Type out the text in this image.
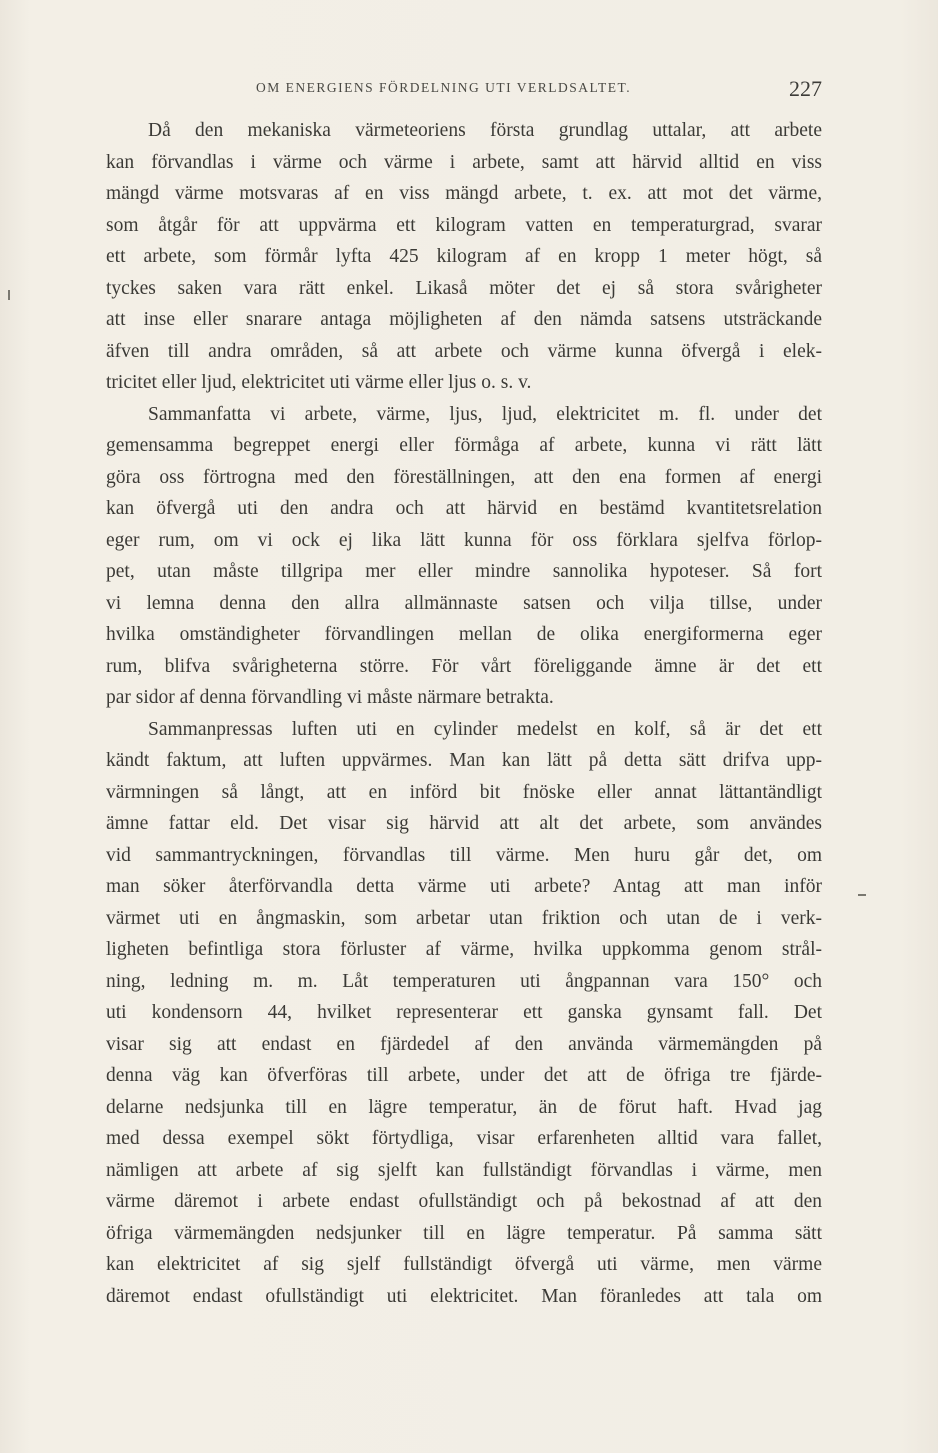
OM ENERGIENS FÖRDELNING UTI VERLDSALTET.	227
Då den mekaniska värmeteoriens första grundlag uttalar, att arbete
kan förvandlas i värme och värme i arbete, samt att härvid alltid en viss
mängd värme motsvaras af en viss mängd arbete, t. ex. att mot det värme,
som åtgår för att uppvärma ett kilogram vatten en temperaturgrad, svarar
ett arbete, som förmår lyfta 425 kilogram af en kropp 1 meter högt, så
tyckes saken vara rätt enkel. Likaså möter det ej så stora svårigheter
att inse eller snarare antaga möjligheten af den nämda satsens utsträckande
äfven till andra områden, så att arbete och värme kunna öfvergå i elek-
tricitet eller ljud, elektricitet uti värme eller ljus o. s. v.
Sammanfatta vi arbete, värme, ljus, ljud, elektricitet m. fl. under det
gemensamma begreppet energi eller förmåga af arbete, kunna vi rätt lätt
göra oss förtrogna med den föreställningen, att den ena formen af energi
kan öfvergå uti den andra och att härvid en bestämd kvantitetsrelation
eger rum, om vi ock ej lika lätt kunna för oss förklara sjelfva förlop-
pet, utan måste tillgripa mer eller mindre sannolika hypoteser. Så fort
vi lemna denna den allra allmännaste satsen och vilja tillse, under
hvilka omständigheter förvandlingen mellan de olika energiformerna eger
rum, blifva svårigheterna större. För vårt föreliggande ämne är det ett
par sidor af denna förvandling vi måste närmare betrakta.
Sammanpressas luften uti en cylinder medelst en kolf, så är det ett
kändt faktum, att luften uppvärmes. Man kan lätt på detta sätt drifva upp-
värmningen så långt, att en införd bit fnöske eller annat lättantändligt
ämne fattar eld. Det visar sig härvid att alt det arbete, som användes
vid sammantryckningen, förvandlas till värme. Men huru går det, om
man söker återförvandla detta värme uti arbete? Antag att man inför
värmet uti en ångmaskin, som arbetar utan friktion och utan de i verk-
ligheten befintliga stora förluster af värme, hvilka uppkomma genom strål-
ning, ledning m. m. Låt temperaturen uti ångpannan vara 150° och
uti kondensorn 44, hvilket representerar ett ganska gynsamt fall. Det
visar sig att endast en fjärdedel af den använda värmemängden på
denna väg kan öfverföras till arbete, under det att de öfriga tre fjärde-
delarne nedsjunka till en lägre temperatur, än de förut haft. Hvad jag
med dessa exempel sökt förtydliga, visar erfarenheten alltid vara fallet,
nämligen att arbete af sig sjelft kan fullständigt förvandlas i värme, men
värme däremot i arbete endast ofullständigt och på bekostnad af att den
öfriga värmemängden nedsjunker till en lägre temperatur. På samma sätt
kan elektricitet af sig sjelf fullständigt öfvergå uti värme, men värme
däremot endast ofullständigt uti elektricitet. Man föranledes att tala om
